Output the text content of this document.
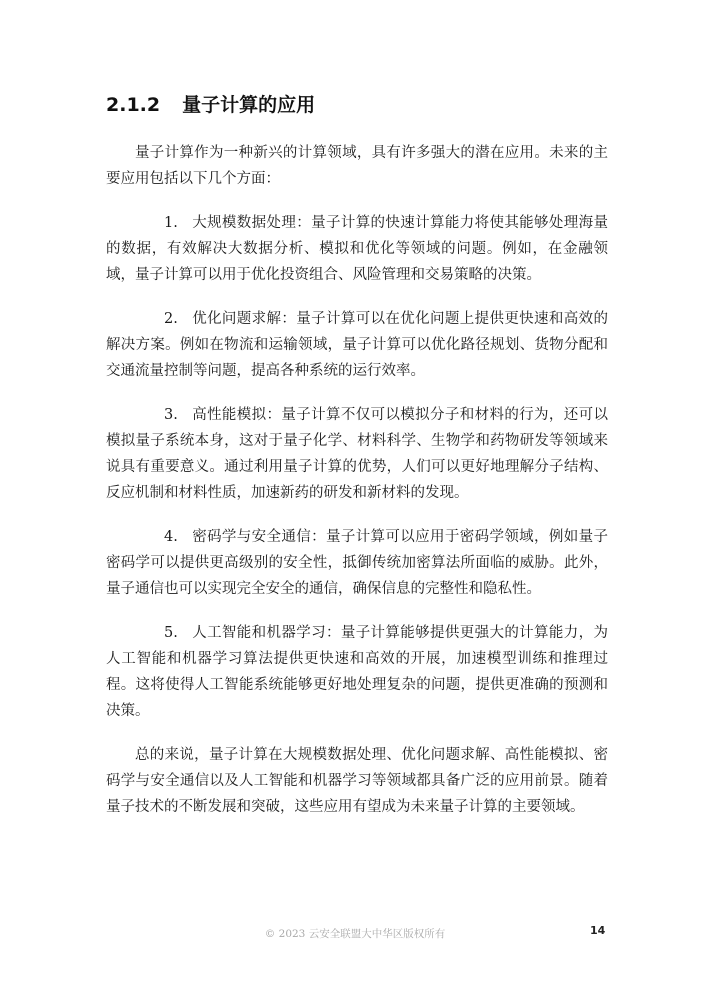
2.1.2 量子计算的应用

量子计算作为一种新兴的计算领域，具有许多强大的潜在应用。未来的主要应用包括以下几个方面：

1. 大规模数据处理：量子计算的快速计算能力将使其能够处理海量的数据，有效解决大数据分析、模拟和优化等领域的问题。例如，在金融领域，量子计算可以用于优化投资组合、风险管理和交易策略的决策。

2. 优化问题求解：量子计算可以在优化问题上提供更快速和高效的解决方案。例如在物流和运输领域，量子计算可以优化路径规划、货物分配和交通流量控制等问题，提高各种系统的运行效率。

3. 高性能模拟：量子计算不仅可以模拟分子和材料的行为，还可以模拟量子系统本身，这对于量子化学、材料科学、生物学和药物研发等领域来说具有重要意义。通过利用量子计算的优势，人们可以更好地理解分子结构、反应机制和材料性质，加速新药的研发和新材料的发现。

4. 密码学与安全通信：量子计算可以应用于密码学领域，例如量子密码学可以提供更高级别的安全性，抵御传统加密算法所面临的威胁。此外，量子通信也可以实现完全安全的通信，确保信息的完整性和隐私性。

5. 人工智能和机器学习：量子计算能够提供更强大的计算能力，为人工智能和机器学习算法提供更快速和高效的开展，加速模型训练和推理过程。这将使得人工智能系统能够更好地处理复杂的问题，提供更准确的预测和决策。

总的来说，量子计算在大规模数据处理、优化问题求解、高性能模拟、密码学与安全通信以及人工智能和机器学习等领域都具备广泛的应用前景。随着量子技术的不断发展和突破，这些应用有望成为未来量子计算的主要领域。

© 2023 云安全联盟大中华区版权所有	14
